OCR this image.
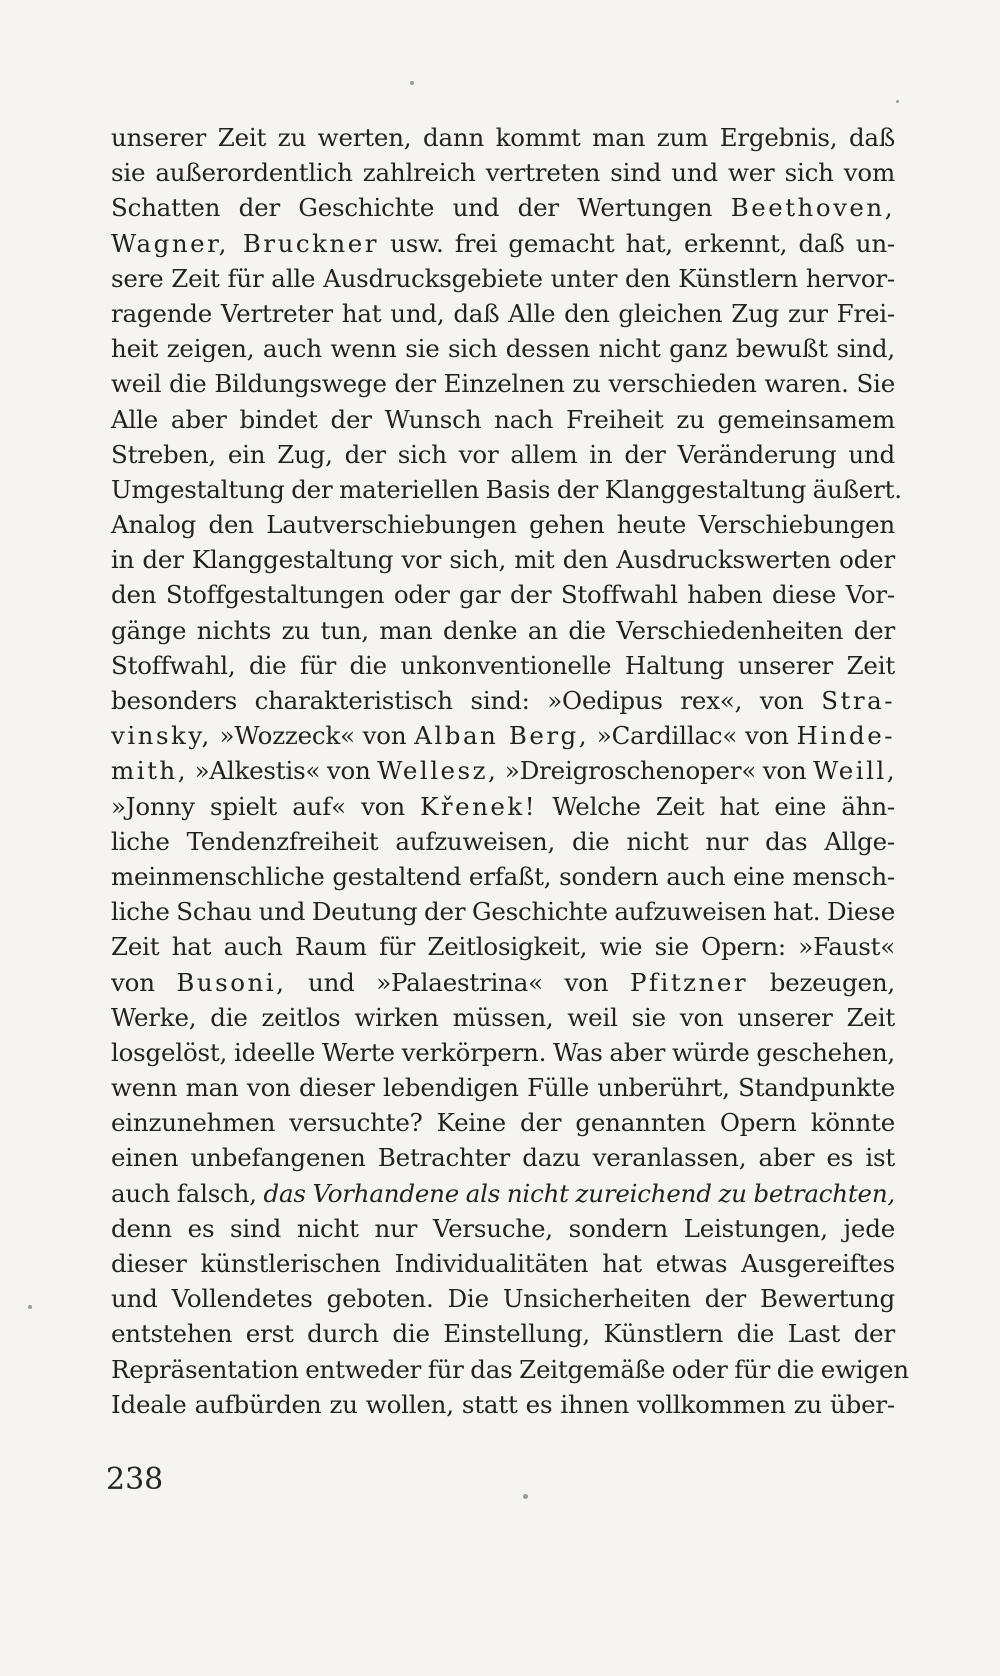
unserer Zeit zu werten, dann kommt man zum Ergebnis, daß
sie außerordentlich zahlreich vertreten sind und wer sich vom
Schatten der Geschichte und der Wertungen Beethoven,
Wagner, Bruckner usw. frei gemacht hat, erkennt, daß un-
sere Zeit für alle Ausdrucksgebiete unter den Künstlern hervor-
ragende Vertreter hat und, daß Alle den gleichen Zug zur Frei-
heit zeigen, auch wenn sie sich dessen nicht ganz bewußt sind,
weil die Bildungswege der Einzelnen zu verschieden waren. Sie
Alle aber bindet der Wunsch nach Freiheit zu gemeinsamem
Streben, ein Zug, der sich vor allem in der Veränderung und
Umgestaltung der materiellen Basis der Klanggestaltung äußert.
Analog den Lautverschiebungen gehen heute Verschiebungen
in der Klanggestaltung vor sich, mit den Ausdruckswerten oder
den Stoffgestaltungen oder gar der Stoffwahl haben diese Vor-
gänge nichts zu tun, man denke an die Verschiedenheiten der
Stoffwahl, die für die unkonventionelle Haltung unserer Zeit
besonders charakteristisch sind: »Oedipus rex«, von Stra-
vinsky, »Wozzeck« von Alban Berg, »Cardillac« von Hinde-
mith, »Alkestis« von Wellesz, »Dreigroschenoper« von Weill,
»Jonny spielt auf« von Křenek! Welche Zeit hat eine ähn-
liche Tendenzfreiheit aufzuweisen, die nicht nur das Allge-
meinmenschliche gestaltend erfaßt, sondern auch eine mensch-
liche Schau und Deutung der Geschichte aufzuweisen hat. Diese
Zeit hat auch Raum für Zeitlosigkeit, wie sie Opern: »Faust«
von Busoni, und »Palaestrina« von Pfitzner bezeugen,
Werke, die zeitlos wirken müssen, weil sie von unserer Zeit
losgelöst, ideelle Werte verkörpern. Was aber würde geschehen,
wenn man von dieser lebendigen Fülle unberührt, Standpunkte
einzunehmen versuchte? Keine der genannten Opern könnte
einen unbefangenen Betrachter dazu veranlassen, aber es ist
auch falsch, das Vorhandene als nicht zureichend zu betrachten,
denn es sind nicht nur Versuche, sondern Leistungen, jede
dieser künstlerischen Individualitäten hat etwas Ausgereiftes
und Vollendetes geboten. Die Unsicherheiten der Bewertung
entstehen erst durch die Einstellung, Künstlern die Last der
Repräsentation entweder für das Zeitgemäße oder für die ewigen
Ideale aufbürden zu wollen, statt es ihnen vollkommen zu über-
238
